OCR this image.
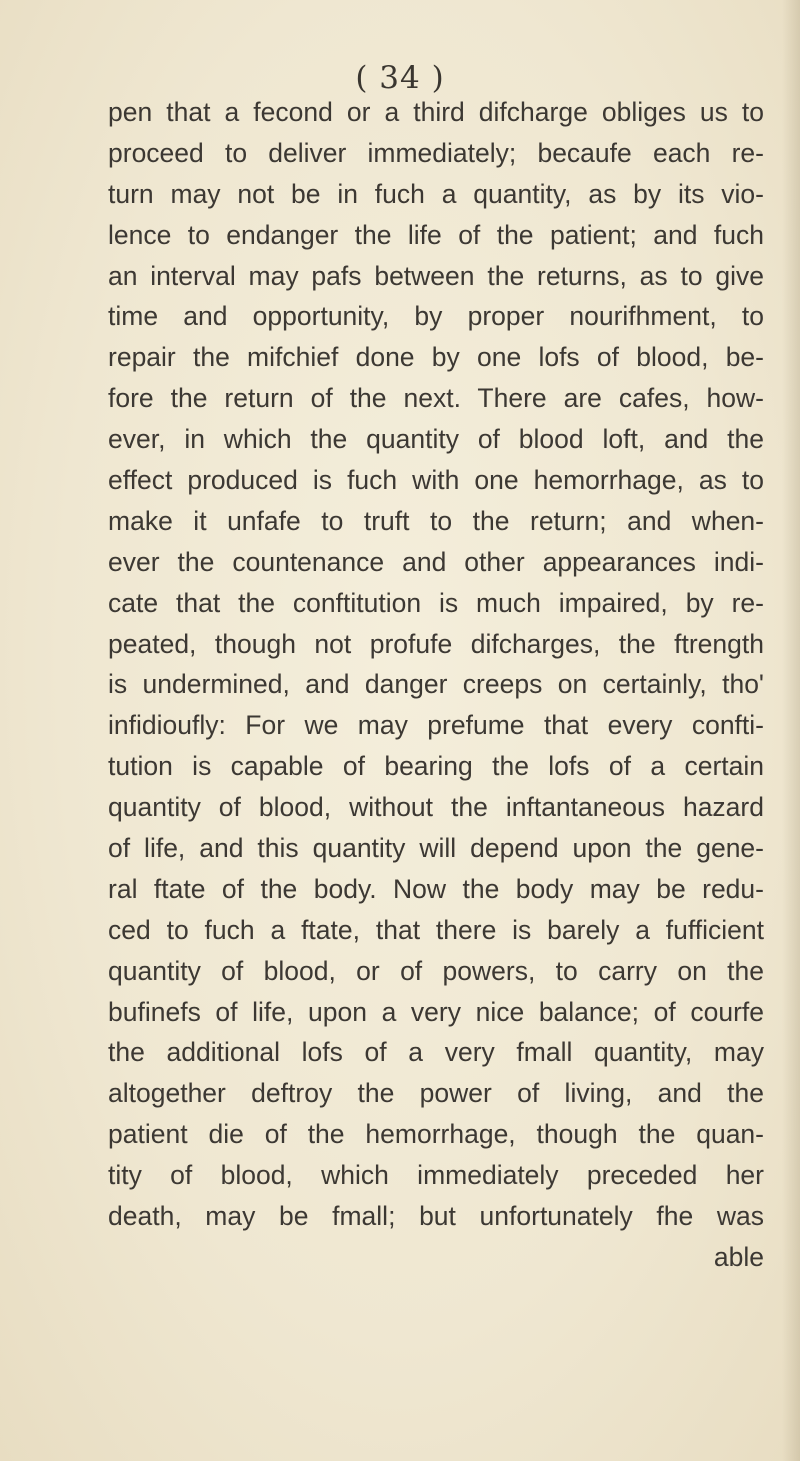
( 34 )
pen that a fecond or a third difcharge obliges us to
proceed to deliver immediately; becaufe each re-
turn may not be in fuch a quantity, as by its vio-
lence to endanger the life of the patient; and fuch
an interval may pafs between the returns, as to give
time and opportunity, by proper nourifhment, to
repair the mifchief done by one lofs of blood, be-
fore the return of the next. There are cafes, how-
ever, in which the quantity of blood loft, and the
effect produced is fuch with one hemorrhage, as to
make it unfafe to truft to the return; and when-
ever the countenance and other appearances indi-
cate that the conftitution is much impaired, by re-
peated, though not profufe difcharges, the ftrength
is undermined, and danger creeps on certainly, tho'
infidioufly: For we may prefume that every confti-
tution is capable of bearing the lofs of a certain
quantity of blood, without the inftantaneous hazard
of life, and this quantity will depend upon the gene-
ral ftate of the body. Now the body may be redu-
ced to fuch a ftate, that there is barely a fufficient
quantity of blood, or of powers, to carry on the
bufinefs of life, upon a very nice balance; of courfe
the additional lofs of a very fmall quantity, may
altogether deftroy the power of living, and the
patient die of the hemorrhage, though the quan-
tity of blood, which immediately preceded her
death, may be fmall; but unfortunately fhe was
able
